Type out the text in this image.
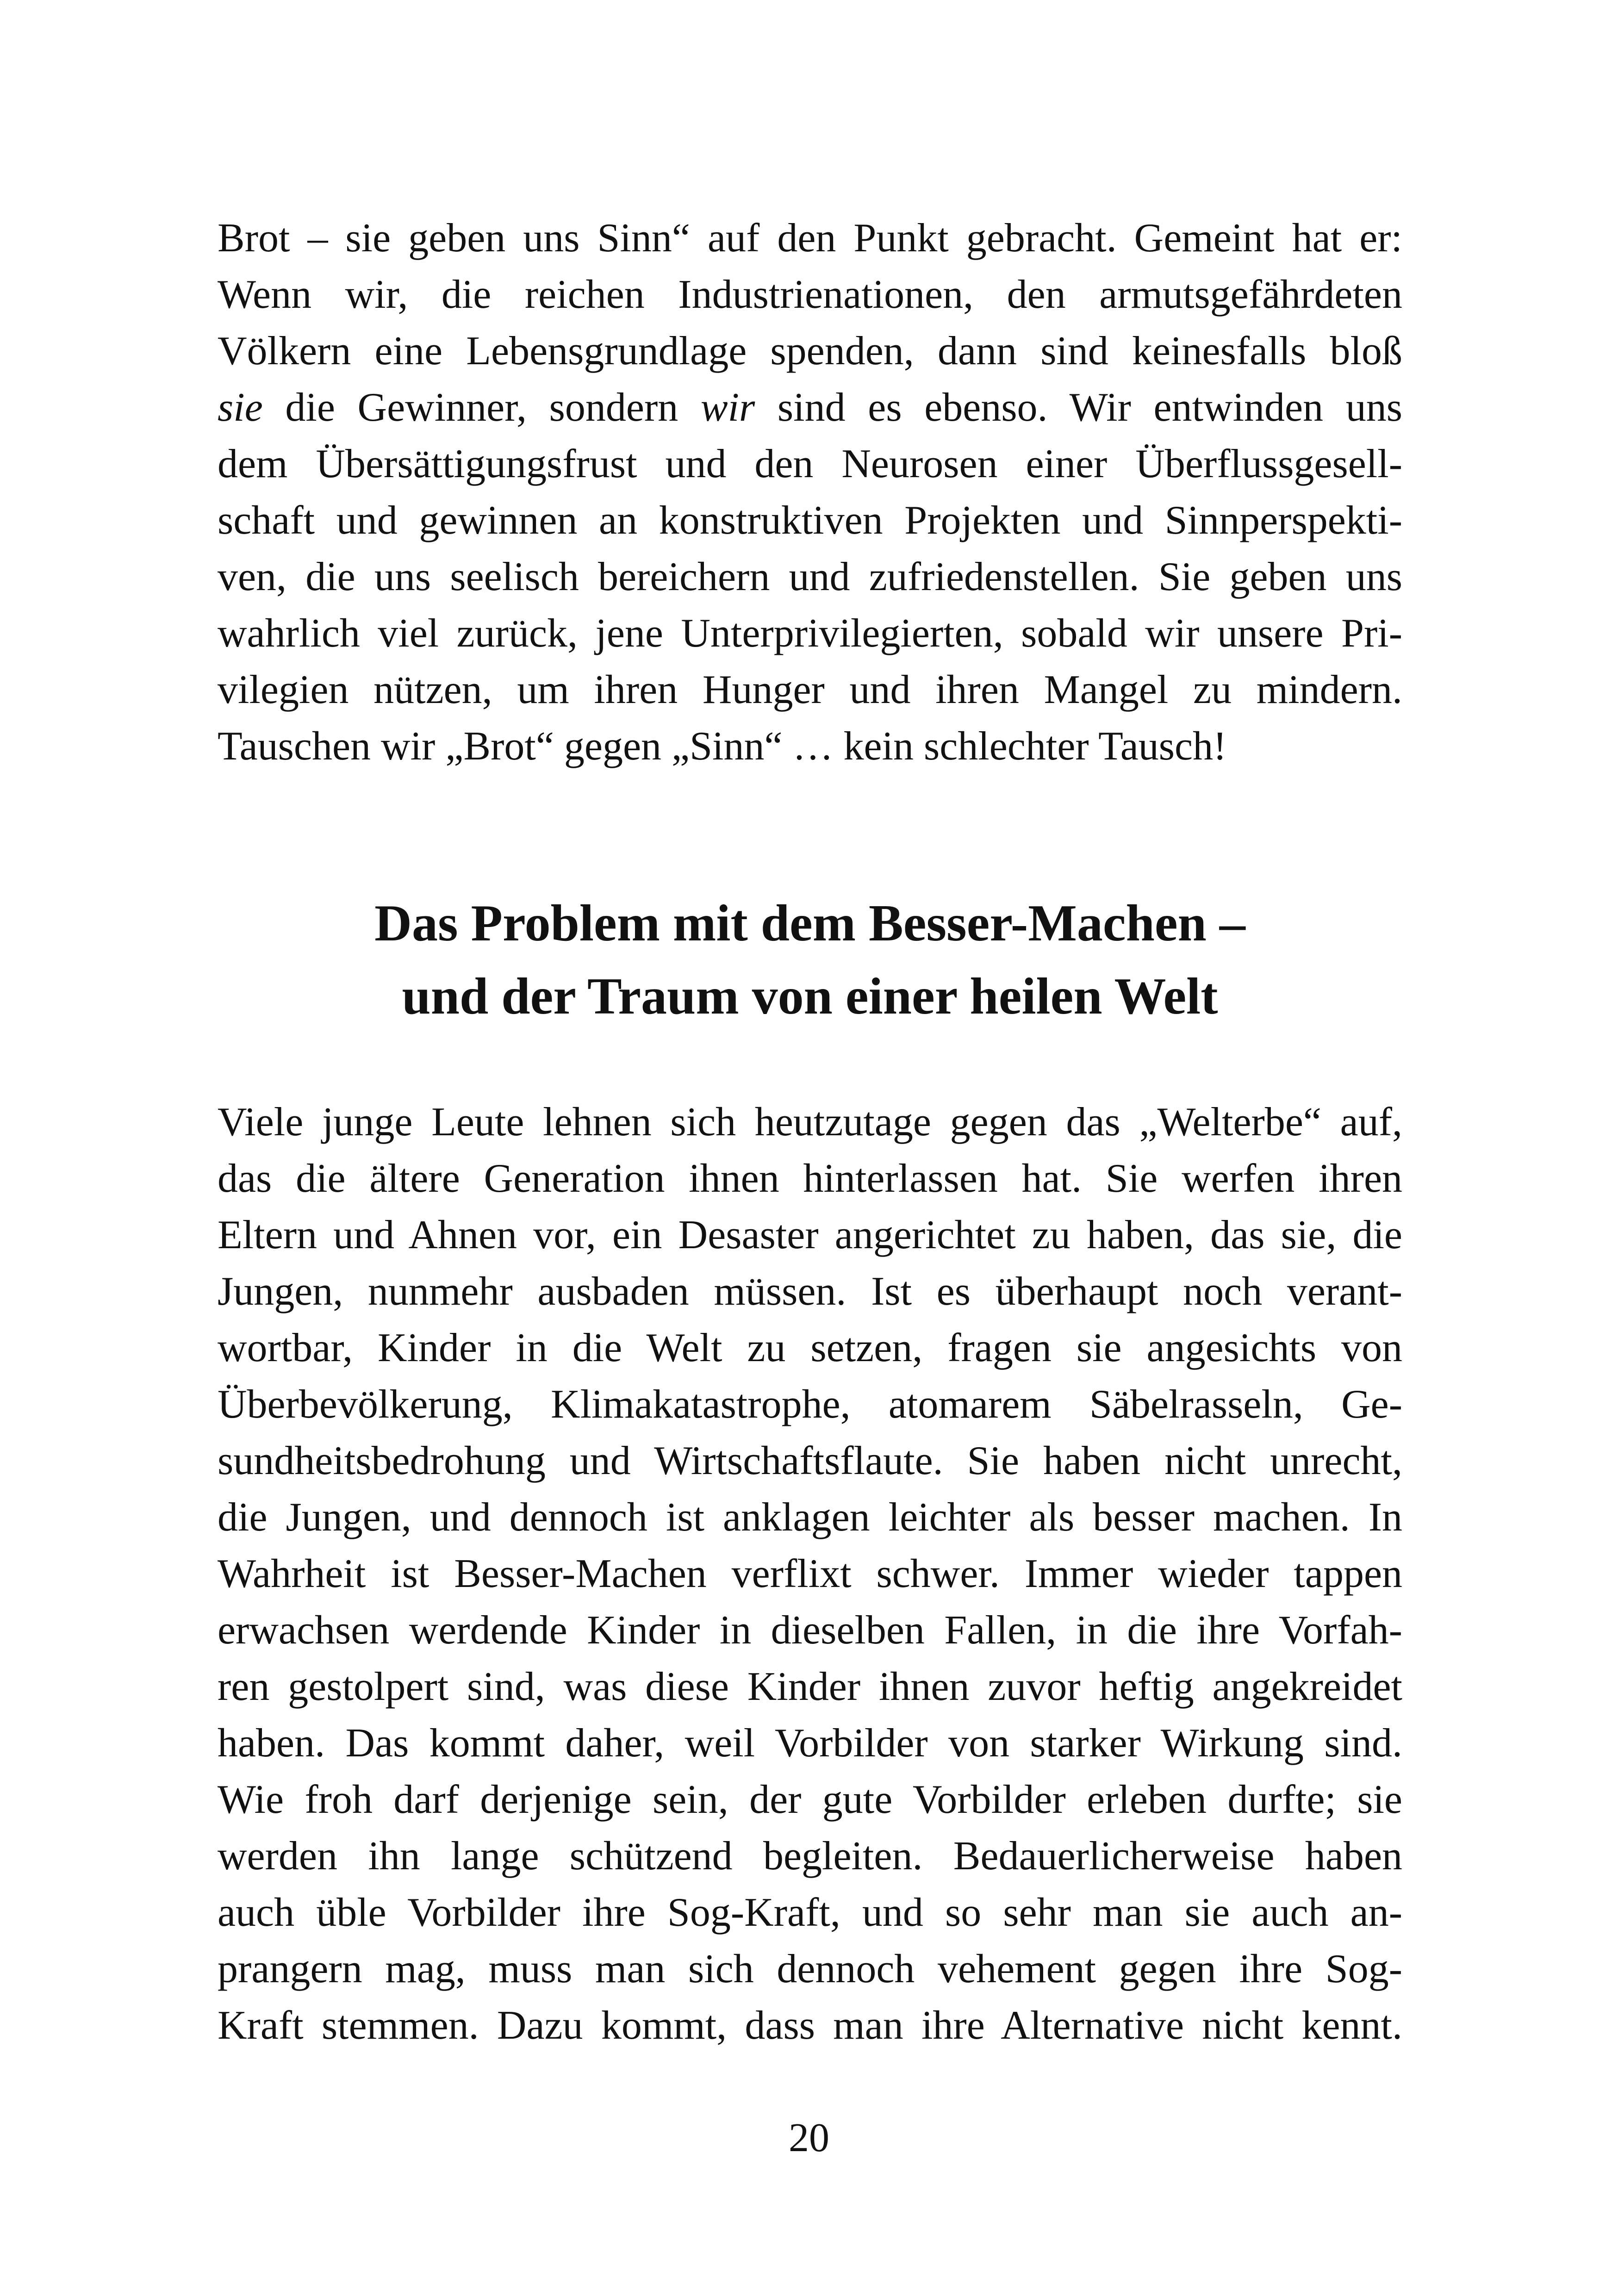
Brot – sie geben uns Sinn“ auf den Punkt gebracht. Gemeint hat er:
Wenn wir, die reichen Industrienationen, den armutsgefährdeten
Völkern eine Lebensgrundlage spenden, dann sind keinesfalls bloß
sie die Gewinner, sondern wir sind es ebenso. Wir entwinden uns
dem Übersättigungsfrust und den Neurosen einer Überflussgesell-
schaft und gewinnen an konstruktiven Projekten und Sinnperspekti-
ven, die uns seelisch bereichern und zufriedenstellen. Sie geben uns
wahrlich viel zurück, jene Unterprivilegierten, sobald wir unsere Pri-
vilegien nützen, um ihren Hunger und ihren Mangel zu mindern.
Tauschen wir „Brot“ gegen „Sinn“ … kein schlechter Tausch!
Das Problem mit dem Besser-Machen –
und der Traum von einer heilen Welt
Viele junge Leute lehnen sich heutzutage gegen das „Welterbe“ auf,
das die ältere Generation ihnen hinterlassen hat. Sie werfen ihren
Eltern und Ahnen vor, ein Desaster angerichtet zu haben, das sie, die
Jungen, nunmehr ausbaden müssen. Ist es überhaupt noch verant-
wortbar, Kinder in die Welt zu setzen, fragen sie angesichts von
Überbevölkerung, Klimakatastrophe, atomarem Säbelrasseln, Ge-
sundheitsbedrohung und Wirtschaftsflaute. Sie haben nicht unrecht,
die Jungen, und dennoch ist anklagen leichter als besser machen. In
Wahrheit ist Besser-Machen verflixt schwer. Immer wieder tappen
erwachsen werdende Kinder in dieselben Fallen, in die ihre Vorfah-
ren gestolpert sind, was diese Kinder ihnen zuvor heftig angekreidet
haben. Das kommt daher, weil Vorbilder von starker Wirkung sind.
Wie froh darf derjenige sein, der gute Vorbilder erleben durfte; sie
werden ihn lange schützend begleiten. Bedauerlicherweise haben
auch üble Vorbilder ihre Sog-Kraft, und so sehr man sie auch an-
prangern mag, muss man sich dennoch vehement gegen ihre Sog-
Kraft stemmen. Dazu kommt, dass man ihre Alternative nicht kennt.
20
